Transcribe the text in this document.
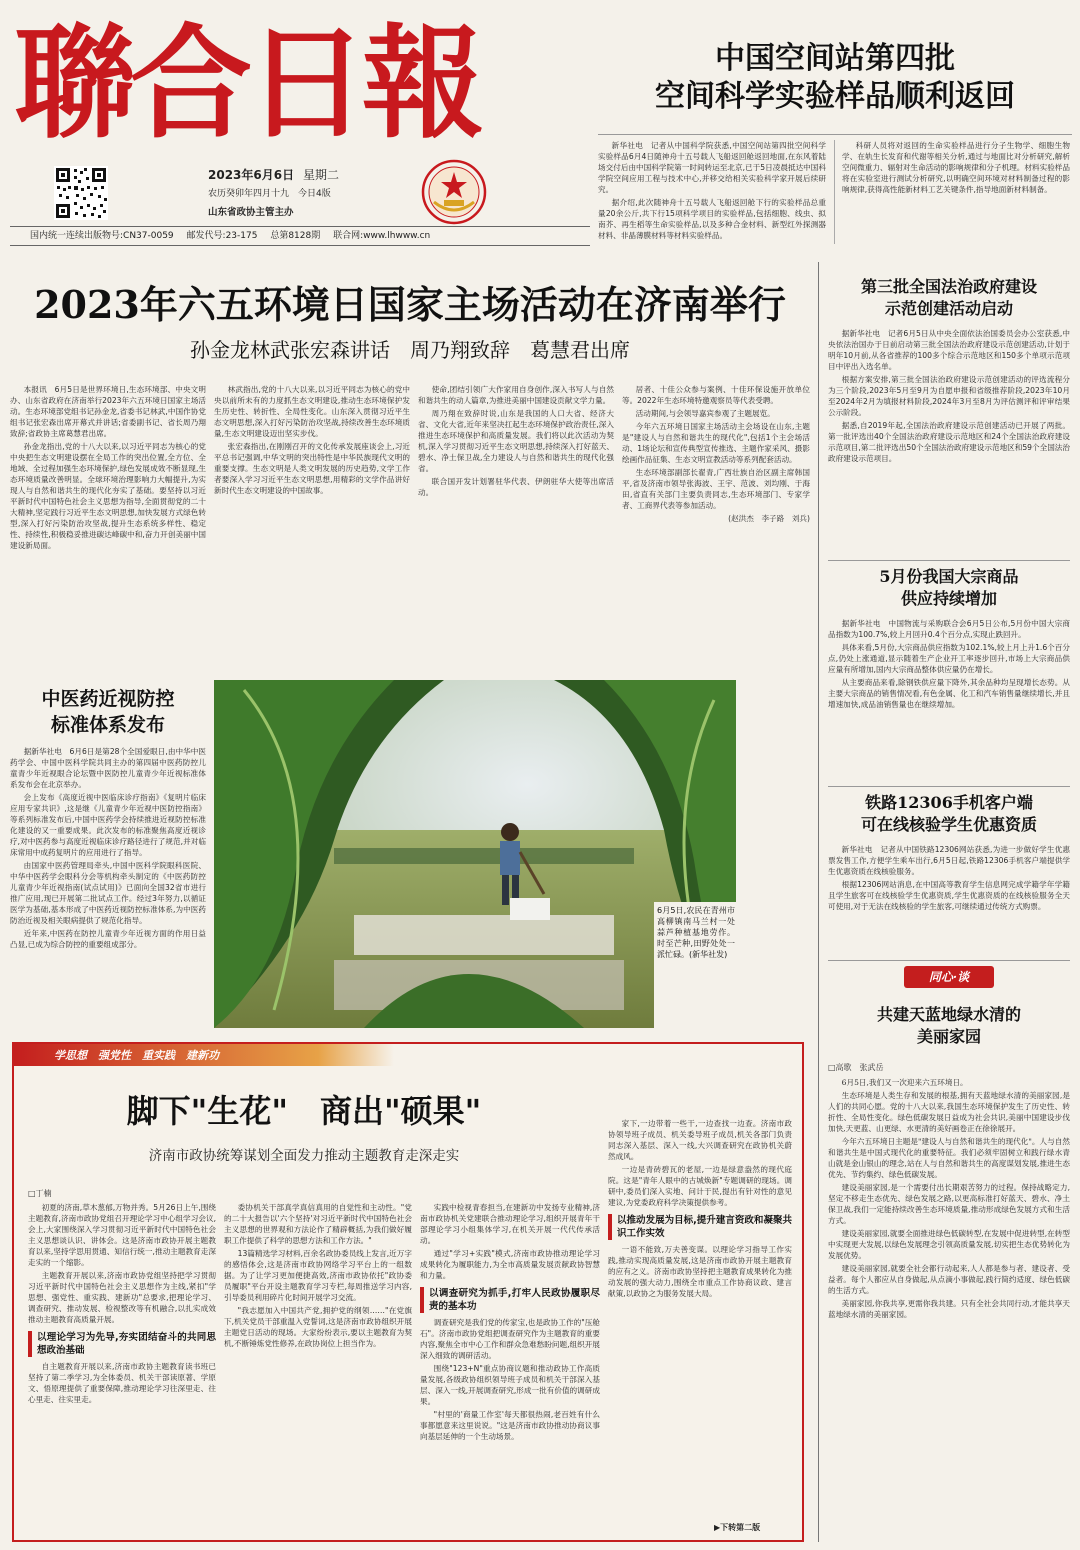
聯合日報
2023年6月6日 星期二
农历癸卯年四月十九　今日4版
山东省政协主管主办
国内统一连续出版物号:CN37-0059 邮发代号:23-175 总第8128期 联合网:www.lhwww.cn
中国空间站第四批
空间科学实验样品顺利返回

新华社电　记者从中国科学院获悉,中国空间站第四批空间科学实验样品6月4日随神舟十五号载人飞船返回舱返回地面,在东风着陆场交付后由中国科学院第一时间转运至北京,已于5日凌晨抵达中国科学院空间应用工程与技术中心,并移交给相关实验科学家开展后续研究。

据介绍,此次随神舟十五号载人飞船返回舱下行的实验样品总重量20余公斤,共下行15项科学项目的实验样品,包括细胞、线虫、拟南芥、再生稻等生命实验样品,以及多种合金材料、新型红外探测器材料、非晶薄膜材料等材料实验样品。

科研人员将对返回的生命实验样品进行分子生物学、细胞生物学、在轨生长发育和代谢等相关分析,通过与地面比对分析研究,解析空间微重力、辐射对生命活动的影响规律和分子机理。材料实验样品将在实验室进行测试分析研究,以明确空间环境对材料制备过程的影响规律,获得高性能新材料工艺关键条件,指导地面新材料制备。

2023年六五环境日国家主场活动在济南举行
孙金龙林武张宏森讲话　周乃翔致辞　葛慧君出席

本报讯　6月5日是世界环境日,生态环境部、中央文明办、山东省政府在济南举行2023年六五环境日国家主场活动。生态环境部党组书记孙金龙,省委书记林武,中国作协党组书记张宏森出席开幕式并讲话;省委副书记、省长周乃翔致辞;省政协主席葛慧君出席。

孙金龙指出,党的十八大以来,以习近平同志为核心的党中央把生态文明建设摆在全局工作的突出位置,全方位、全地域、全过程加强生态环境保护,绿色发展成效不断显现,生态环境质量改善明显。全球环境治理影响力大幅提升,为实现人与自然和谐共生的现代化夯实了基础。要坚持以习近平新时代中国特色社会主义思想为指导,全面贯彻党的二十大精神,坚定践行习近平生态文明思想,加快发展方式绿色转型,深入打好污染防治攻坚战,提升生态系统多样性、稳定性、持续性,积极稳妥推进碳达峰碳中和,奋力开创美丽中国建设新局面。

林武指出,党的十八大以来,以习近平同志为核心的党中央以前所未有的力度抓生态文明建设,推动生态环境保护发生历史性、转折性、全局性变化。山东深入贯彻习近平生态文明思想,深入打好污染防治攻坚战,持续改善生态环境质量,生态文明建设迈出坚实步伐。

张宏森指出,在刚刚召开的文化传承发展座谈会上,习近平总书记强调,中华文明的突出特性是中华民族现代文明的重要支撑。生态文明是人类文明发展的历史趋势,文学工作者要深入学习习近平生态文明思想,用精彩的文学作品讲好新时代生态文明建设的中国故事。

使命,团结引领广大作家用自身创作,深入书写人与自然和谐共生的动人篇章,为推进美丽中国建设贡献文学力量。

周乃翔在致辞时说,山东是我国的人口大省、经济大省、文化大省,近年来坚决扛起生态环境保护政治责任,深入推进生态环境保护和高质量发展。我们将以此次活动为契机,深入学习贯彻习近平生态文明思想,持续深入打好蓝天、碧水、净土保卫战,全力建设人与自然和谐共生的现代化强省。

联合国开发计划署驻华代表、伊朗驻华大使等出席活动。

居者、十佳公众参与案例、十佳环保设施开放单位等。2022年生态环境特邀观察员等代表受聘。

活动期间,与会领导嘉宾参观了主题展览。

今年六五环境日国家主场活动主会场设在山东,主题是"建设人与自然和谐共生的现代化",包括1个主会场活动、1场论坛和宣传典型宣传推选、主题作家采风、摄影绘画作品征集、生态文明宣教活动等系列配套活动。

生态环境部副部长翟青,广西壮族自治区副主席韩国平,省及济南市领导张海波、王宇、范波、刘均刚、于海田,省直有关部门主要负责同志,生态环境部门、专家学者、工商界代表等参加活动。

(赵洪杰　李子路　刘兵)
中医药近视防控
标准体系发布

据新华社电　6月6日是第28个全国爱眼日,由中华中医药学会、中国中医科学院共同主办的第四届中医药防控儿童青少年近视眼合论坛暨中医防控儿童青少年近视标准体系发布会在北京举办。

会上发布《高度近视中医临床诊疗指南》《复明片临床应用专家共识》,这是继《儿童青少年近视中医防控指南》等系列标准发布后,中国中医药学会持续推进近视防控标准化建设的又一重要成果。此次发布的标准聚焦高度近视诊疗,对中医药参与高度近视临床诊疗路径进行了规范,并对临床常用中成药复明片的应用进行了指导。

由国家中医药管理局牵头,中国中医科学院眼科医院、中华中医药学会眼科分会等机构牵头制定的《中医药防控儿童青少年近视指南(试点试用)》已面向全国32省市进行推广应用,现已开展第二批试点工作。经过3年努力,以循证医学为基础,基本形成了中医药近视防控标准体系,为中医药防治近视及相关眼病提供了规范化指导。

近年来,中医药在防控儿童青少年近视方面的作用日益凸显,已成为综合防控的重要组成部分。

6月5日,农民在青州市高柳镇南马兰村一处蒜芦种植基地劳作。时至芒种,田野处处一派忙碌。(新华社发)
学思想　强党性　重实践　建新功
脚下"生花"　商出"硕果"
济南市政协统筹谋划全面发力推动主题教育走深走实
□丁楠

初夏的济南,草木葱郁,万物并秀。5月26日上午,围绕主题教育,济南市政协党组召开理论学习中心组学习会议,会上,大家围绕深入学习贯彻习近平新时代中国特色社会主义思想谈认识、讲体会。这是济南市政协开展主题教育以来,坚持学思用贯通、知信行统一,推动主题教育走深走实的一个缩影。

主题教育开展以来,济南市政协党组坚持把学习贯彻习近平新时代中国特色社会主义思想作为主线,紧扣"学思想、强党性、重实践、建新功"总要求,把理论学习、调查研究、推动发展、检视整改等有机融合,以扎实成效推动主题教育高质量开展。

以理论学习为先导,夯实团结奋斗的共同思想政治基础

自主题教育开展以来,济南市政协主题教育读书班已坚持了第二季学习,为全体委员、机关干部读原著、学原文、悟原理提供了重要保障,推动理论学习往深里走、往心里走、往实里走。

委协机关干部真学真信真用的自觉性和主动性。"党的二十大报告以'六个坚持'对习近平新时代中国特色社会主义思想的世界观和方法论作了精辟概括,为我们做好履职工作提供了科学的思想方法和工作方法。"

13篇精选学习材料,百余名政协委员线上发言,近万字的感悟体会,这是济南市政协网络学习平台上的一组数据。为了让学习更加便捷高效,济南市政协依托"政协委员履职"平台开设主题教育学习专栏,每周推送学习内容,引导委员利用碎片化时间开展学习交流。

"我志愿加入中国共产党,拥护党的纲领……"在党旗下,机关党员干部重温入党誓词,这是济南市政协组织开展主题党日活动的现场。大家纷纷表示,要以主题教育为契机,不断锤炼党性修养,在政协岗位上担当作为。

实践中检视青春担当,在建新功中发扬专业精神,济南市政协机关党建联合推动理论学习,组织开展青年干部理论学习小组集体学习,在机关开展一代代传承活动。

通过"学习+实践"模式,济南市政协推动理论学习成果转化为履职能力,为全市高质量发展贡献政协智慧和力量。

以调查研究为抓手,打牢人民政协履职尽责的基本功

调查研究是我们党的传家宝,也是政协工作的"压舱石"。济南市政协党组把调查研究作为主题教育的重要内容,聚焦全市中心工作和群众急难愁盼问题,组织开展深入细致的调研活动。

围绕"123+N"重点协商议题和推动政协工作高质量发展,各级政协组织领导班子成员和机关干部深入基层、深入一线,开展调查研究,形成一批有价值的调研成果。

"村里的'商量工作室'每天都很热闹,老百姓有什么事都愿意来这里说说。"这是济南市政协推动协商议事向基层延伸的一个生动场景。

家下,一边带着一些干,一边查找一边查。济南市政协领导班子成员、机关委导班子成员,机关各部门负责同志深入基层、深入一线,大兴调查研究在政协机关蔚然成风。

一边是青砖碧瓦的老屋,一边是绿意盎然的现代庭院。这是"青年人眼中的古城焕新"专题调研的现场。调研中,委员们深入实地、问计于民,提出有针对性的意见建议,为党委政府科学决策提供参考。

以推动发展为目标,提升建言资政和凝聚共识工作实效

一语不能致,万夫善变谋。以理论学习指导工作实践,推动实现高质量发展,这是济南市政协开展主题教育的应有之义。济南市政协坚持把主题教育成果转化为推动发展的强大动力,围绕全市重点工作协商议政、建言献策,以政协之为服务发展大局。

▶下转第二版
第三批全国法治政府建设
示范创建活动启动

据新华社电　记者6月5日从中央全面依法治国委员会办公室获悉,中央依法治国办于日前启动第三批全国法治政府建设示范创建活动,计划于明年10月前,从各省推荐的100多个综合示范地区和150多个单项示范项目中评出入选名单。

根据方案安排,第三批全国法治政府建设示范创建活动的评选流程分为三个阶段,2023年5月至9月为自愿申报和省级推荐阶段,2023年10月至2024年2月为填报材料阶段,2024年3月至8月为评估测评和评审结果公示阶段。

据悉,自2019年起,全国法治政府建设示范创建活动已开展了两批。第一批评选出40个全国法治政府建设示范地区和24个全国法治政府建设示范项目,第二批评选出50个全国法治政府建设示范地区和59个全国法治政府建设示范项目。

5月份我国大宗商品
供应持续增加

据新华社电　中国物流与采购联合会6月5日公布,5月份中国大宗商品指数为100.7%,较上月回升0.4个百分点,实现止跌回升。

具体来看,5月份,大宗商品供应指数为102.1%,较上月上升1.6个百分点,仍处上涨通道,显示随着生产企业开工率逐步回升,市场上大宗商品供应量有所增加,国内大宗商品整体供应量仍在增长。

从主要商品来看,除钢铁供应量下降外,其余品种均呈现增长态势。从主要大宗商品的销售情况看,有色金属、化工和汽车销售量继续增长,并且增速加快,成品油销售量也在继续增加。

铁路12306手机客户端
可在线核验学生优惠资质

新华社电　记者从中国铁路12306网站获悉,为进一步做好学生优惠票发售工作,方便学生乘车出行,6月5日起,铁路12306手机客户端提供学生优惠资质在线核验服务。

根据12306网站消息,在中国高等教育学生信息网完成学籍学年学籍且学生旅客可在线核验学生优惠资质,学生优惠资质的在线核验服务全天可使用,对于无法在线核验的学生旅客,可继续通过传统方式购票。

同心·谈
共建天蓝地绿水清的
美丽家园
□高歌　张武岳

6月5日,我们又一次迎来六五环境日。

生态环境是人类生存和发展的根基,拥有天蓝地绿水清的美丽家园,是人们的共同心愿。党的十八大以来,我国生态环境保护发生了历史性、转折性、全局性变化。绿色低碳发展日益成为社会共识,美丽中国建设步伐加快,天更蓝、山更绿、水更清的美好画卷正在徐徐展开。

今年六五环境日主题是"建设人与自然和谐共生的现代化"。人与自然和谐共生是中国式现代化的重要特征。我们必须牢固树立和践行绿水青山就是金山银山的理念,站在人与自然和谐共生的高度谋划发展,推进生态优先、节约集约、绿色低碳发展。

建设美丽家园,是一个需要付出长期艰苦努力的过程。保持战略定力,坚定不移走生态优先、绿色发展之路,以更高标准打好蓝天、碧水、净土保卫战,我们一定能持续改善生态环境质量,推动形成绿色发展方式和生活方式。

建设美丽家园,就要全面推进绿色低碳转型,在发展中促进转型,在转型中实现更大发展,以绿色发展理念引领高质量发展,切实把生态优势转化为发展优势。

建设美丽家园,就要全社会都行动起来,人人都是参与者、建设者、受益者。每个人都应从自身做起,从点滴小事做起,践行简约适度、绿色低碳的生活方式。

美丽家园,你我共享,更需你我共建。只有全社会共同行动,才能共享天蓝地绿水清的美丽家园。
